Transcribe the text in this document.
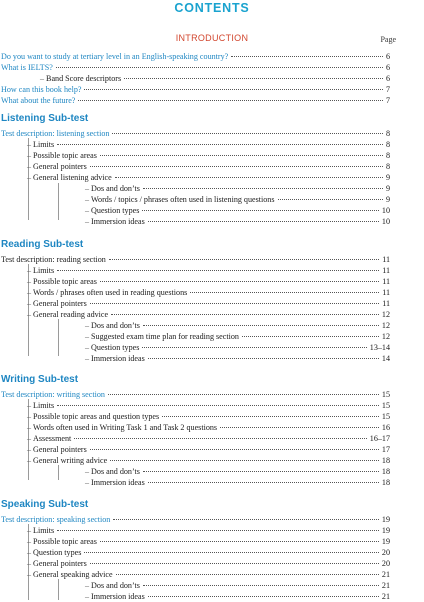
CONTENTS
INTRODUCTION	Page
Do you want to study at tertiary level in an English-speaking country?	6
What is IELTS?	6
– Band Score descriptors	6
How can this book help?	7
What about the future?	7
Listening Sub-test
Test description: listening section	8
– Limits	8
– Possible topic areas	8
– General pointers	8
– General listening advice	9
– Dos and don’ts	9
– Words / topics / phrases often used in listening questions	9
– Question types	10
– Immersion ideas	10
Reading Sub-test
Test description: reading section	11
– Limits	11
– Possible topic areas	11
– Words / phrases often used in reading questions	11
– General pointers	11
– General reading advice	12
– Dos and don’ts	12
– Suggested exam time plan for reading section	12
– Question types	13–14
– Immersion ideas	14
Writing Sub-test
Test description: writing section	15
– Limits	15
– Possible topic areas and question types	15
– Words often used in Writing Task 1 and Task 2 questions	16
– Assessment	16–17
– General pointers	17
– General writing advice	18
– Dos and don’ts	18
– Immersion ideas	18
Speaking Sub-test
Test description: speaking section	19
– Limits	19
– Possible topic areas	19
– Question types	20
– General pointers	20
– General speaking advice	21
– Dos and don’ts	21
– Immersion ideas	21
